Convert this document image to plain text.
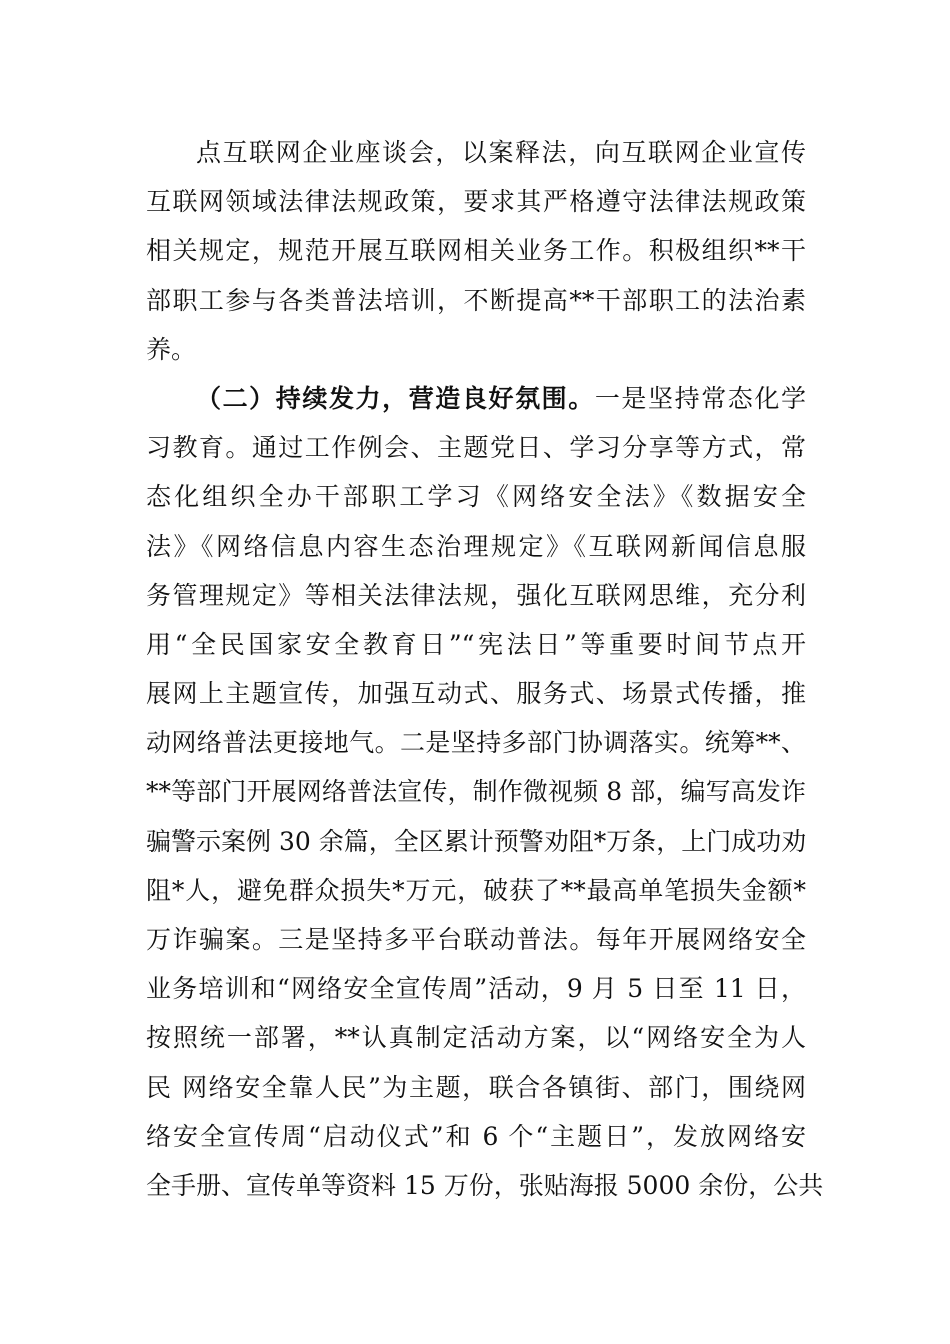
点互联网企业座谈会，以案释法，向互联网企业宣传
互联网领域法律法规政策，要求其严格遵守法律法规政策
相关规定，规范开展互联网相关业务工作。积极组织**干
部职工参与各类普法培训，不断提高**干部职工的法治素
养。
（二）持续发力，营造良好氛围。一是坚持常态化学
习教育。通过工作例会、主题党日、学习分享等方式，常
态化组织全办干部职工学习《网络安全法》《数据安全
法》《网络信息内容生态治理规定》《互联网新闻信息服
务管理规定》等相关法律法规，强化互联网思维，充分利
用“全民国家安全教育日”“宪法日”等重要时间节点开
展网上主题宣传，加强互动式、服务式、场景式传播，推
动网络普法更接地气。二是坚持多部门协调落实。统筹**、
**等部门开展网络普法宣传，制作微视频 8 部，编写高发诈
骗警示案例 30 余篇，全区累计预警劝阻*万条，上门成功劝
阻*人，避免群众损失*万元，破获了**最高单笔损失金额*
万诈骗案。三是坚持多平台联动普法。每年开展网络安全
业务培训和“网络安全宣传周”活动，9 月 5 日至 11 日，
按照统一部署，**认真制定活动方案，以“网络安全为人
民 网络安全靠人民”为主题，联合各镇街、部门，围绕网
络安全宣传周“启动仪式”和 6 个“主题日”，发放网络安
全手册、宣传单等资料 15 万份，张贴海报 5000 余份，公共
